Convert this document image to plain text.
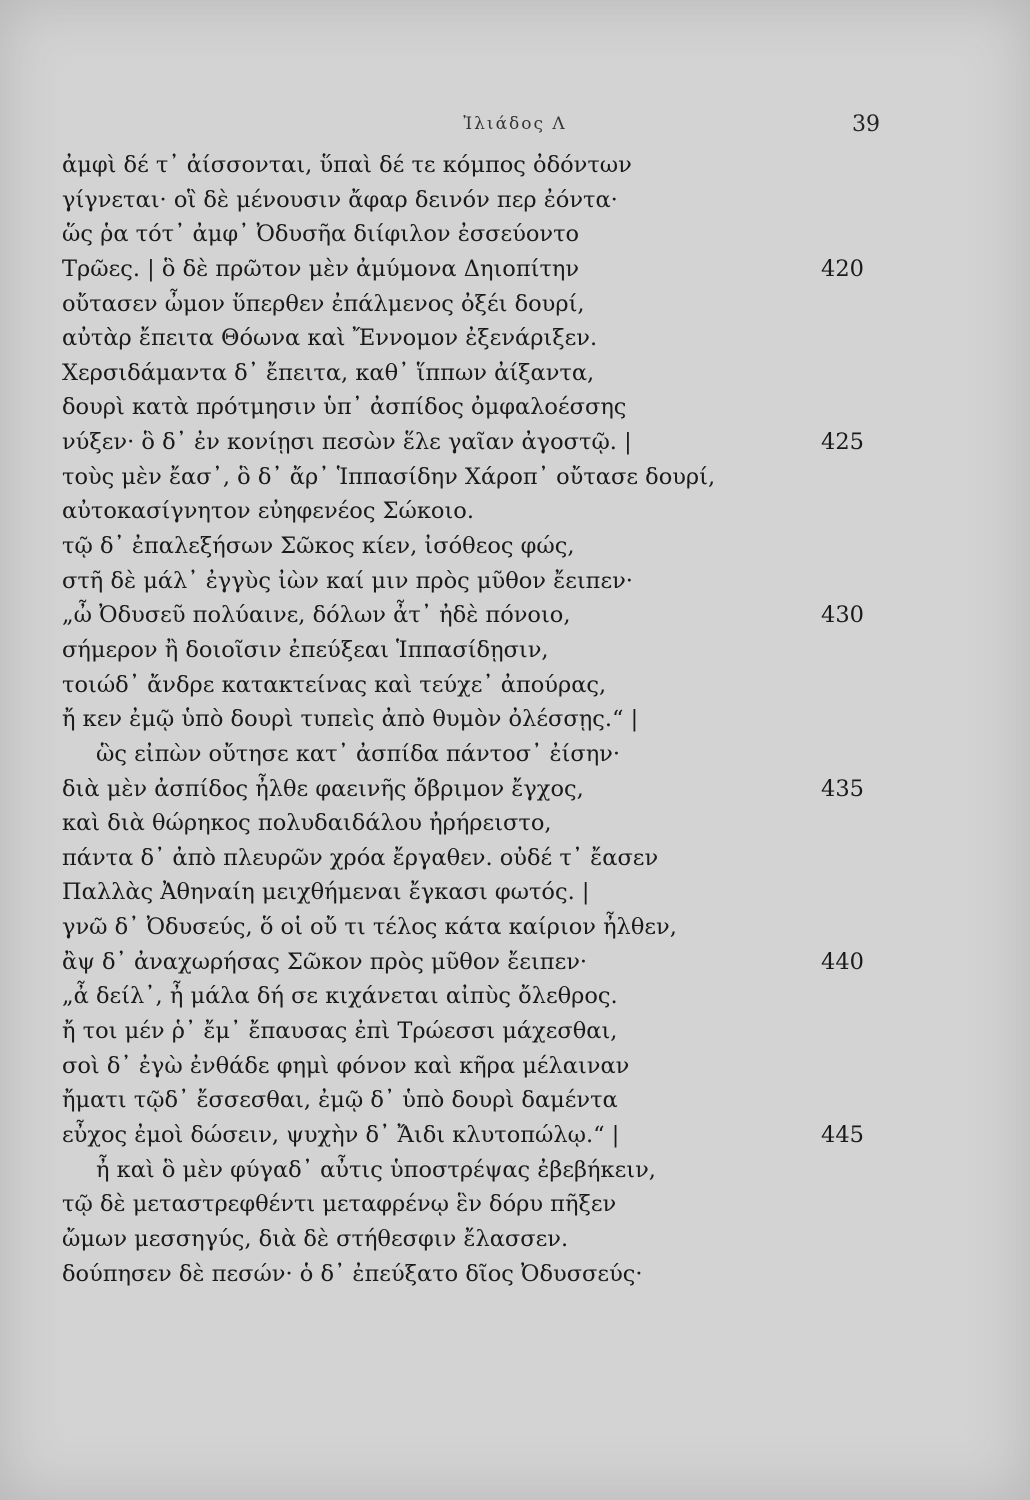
Ἰλιάδος Λ	39
ἀμφὶ δέ τ᾽ ἀίσσονται, ὕπαὶ δέ τε κόμπος ὀδόντων
γίγνεται· οἳ δὲ μένουσιν ἄφαρ δεινόν περ ἐόντα·
ὥς ῥα τότ᾽ ἀμφ᾽ Ὀδυσῆα διίφιλον ἐσσεύοντο
Τρῶες. | ὃ δὲ πρῶτον μὲν ἀμύμονα Δηιοπίτην	420
οὔτασεν ὦμον ὕπερθεν ἐπάλμενος ὀξέι δουρί,
αὐτὰρ ἔπειτα Θόωνα καὶ Ἔννομον ἐξενάριξεν.
Χερσιδάμαντα δ᾽ ἔπειτα, καθ᾽ ἵππων ἀίξαντα,
δουρὶ κατὰ πρότμησιν ὑπ᾽ ἀσπίδος ὀμφαλοέσσης
νύξεν· ὃ δ᾽ ἐν κονίῃσι πεσὼν ἕλε γαῖαν ἀγοστῷ. |	425
τοὺς μὲν ἔασ᾽, ὃ δ᾽ ἄρ᾽ Ἱππασίδην Χάροπ᾽ οὔτασε δουρί,
αὐτοκασίγνητον εὐηφενέος Σώκοιο.
τῷ δ᾽ ἐπαλεξήσων Σῶκος κίεν, ἰσόθεος φώς,
στῆ δὲ μάλ᾽ ἐγγὺς ἰὼν καί μιν πρὸς μῦθον ἔειπεν·
„ὦ Ὀδυσεῦ πολύαινε, δόλων ἆτ᾽ ἠδὲ πόνοιο,	430
σήμερον ἢ δοιοῖσιν ἐπεύξεαι Ἱππασίδῃσιν,
τοιώδ᾽ ἄνδρε κατακτείνας καὶ τεύχε᾽ ἀπούρας,
ἤ κεν ἐμῷ ὑπὸ δουρὶ τυπεὶς ἀπὸ θυμὸν ὀλέσσῃς.“ |
ὣς εἰπὼν οὔτησε κατ᾽ ἀσπίδα πάντοσ᾽ ἐίσην·
διὰ μὲν ἀσπίδος ἦλθε φαεινῆς ὄβριμον ἔγχος,	435
καὶ διὰ θώρηκος πολυδαιδάλου ἠρήρειστο,
πάντα δ᾽ ἀπὸ πλευρῶν χρόα ἔργαθεν. οὐδέ τ᾽ ἔασεν
Παλλὰς Ἀθηναίη μειχθήμεναι ἔγκασι φωτός. |
γνῶ δ᾽ Ὀδυσεύς, ὅ οἱ οὔ τι τέλος κάτα καίριον ἦλθεν,
ἂψ δ᾽ ἀναχωρήσας Σῶκον πρὸς μῦθον ἔειπεν·	440
„ἆ δείλ᾽, ἦ μάλα δή σε κιχάνεται αἰπὺς ὄλεθρος.
ἤ τοι μέν ῥ᾽ ἔμ᾽ ἔπαυσας ἐπὶ Τρώεσσι μάχεσθαι,
σοὶ δ᾽ ἐγὼ ἐνθάδε φημὶ φόνον καὶ κῆρα μέλαιναν
ἤματι τῷδ᾽ ἔσσεσθαι, ἐμῷ δ᾽ ὑπὸ δουρὶ δαμέντα
εὖχος ἐμοὶ δώσειν, ψυχὴν δ᾽ Ἄιδι κλυτοπώλῳ.“ |	445
ἦ καὶ ὃ μὲν φύγαδ᾽ αὖτις ὑποστρέψας ἐβεβήκειν,
τῷ δὲ μεταστρεφθέντι μεταφρένῳ ἓν δόρυ πῆξεν
ὤμων μεσσηγύς, διὰ δὲ στήθεσφιν ἔλασσεν.
δούπησεν δὲ πεσών· ὁ δ᾽ ἐπεύξατο δῖος Ὀδυσσεύς·
